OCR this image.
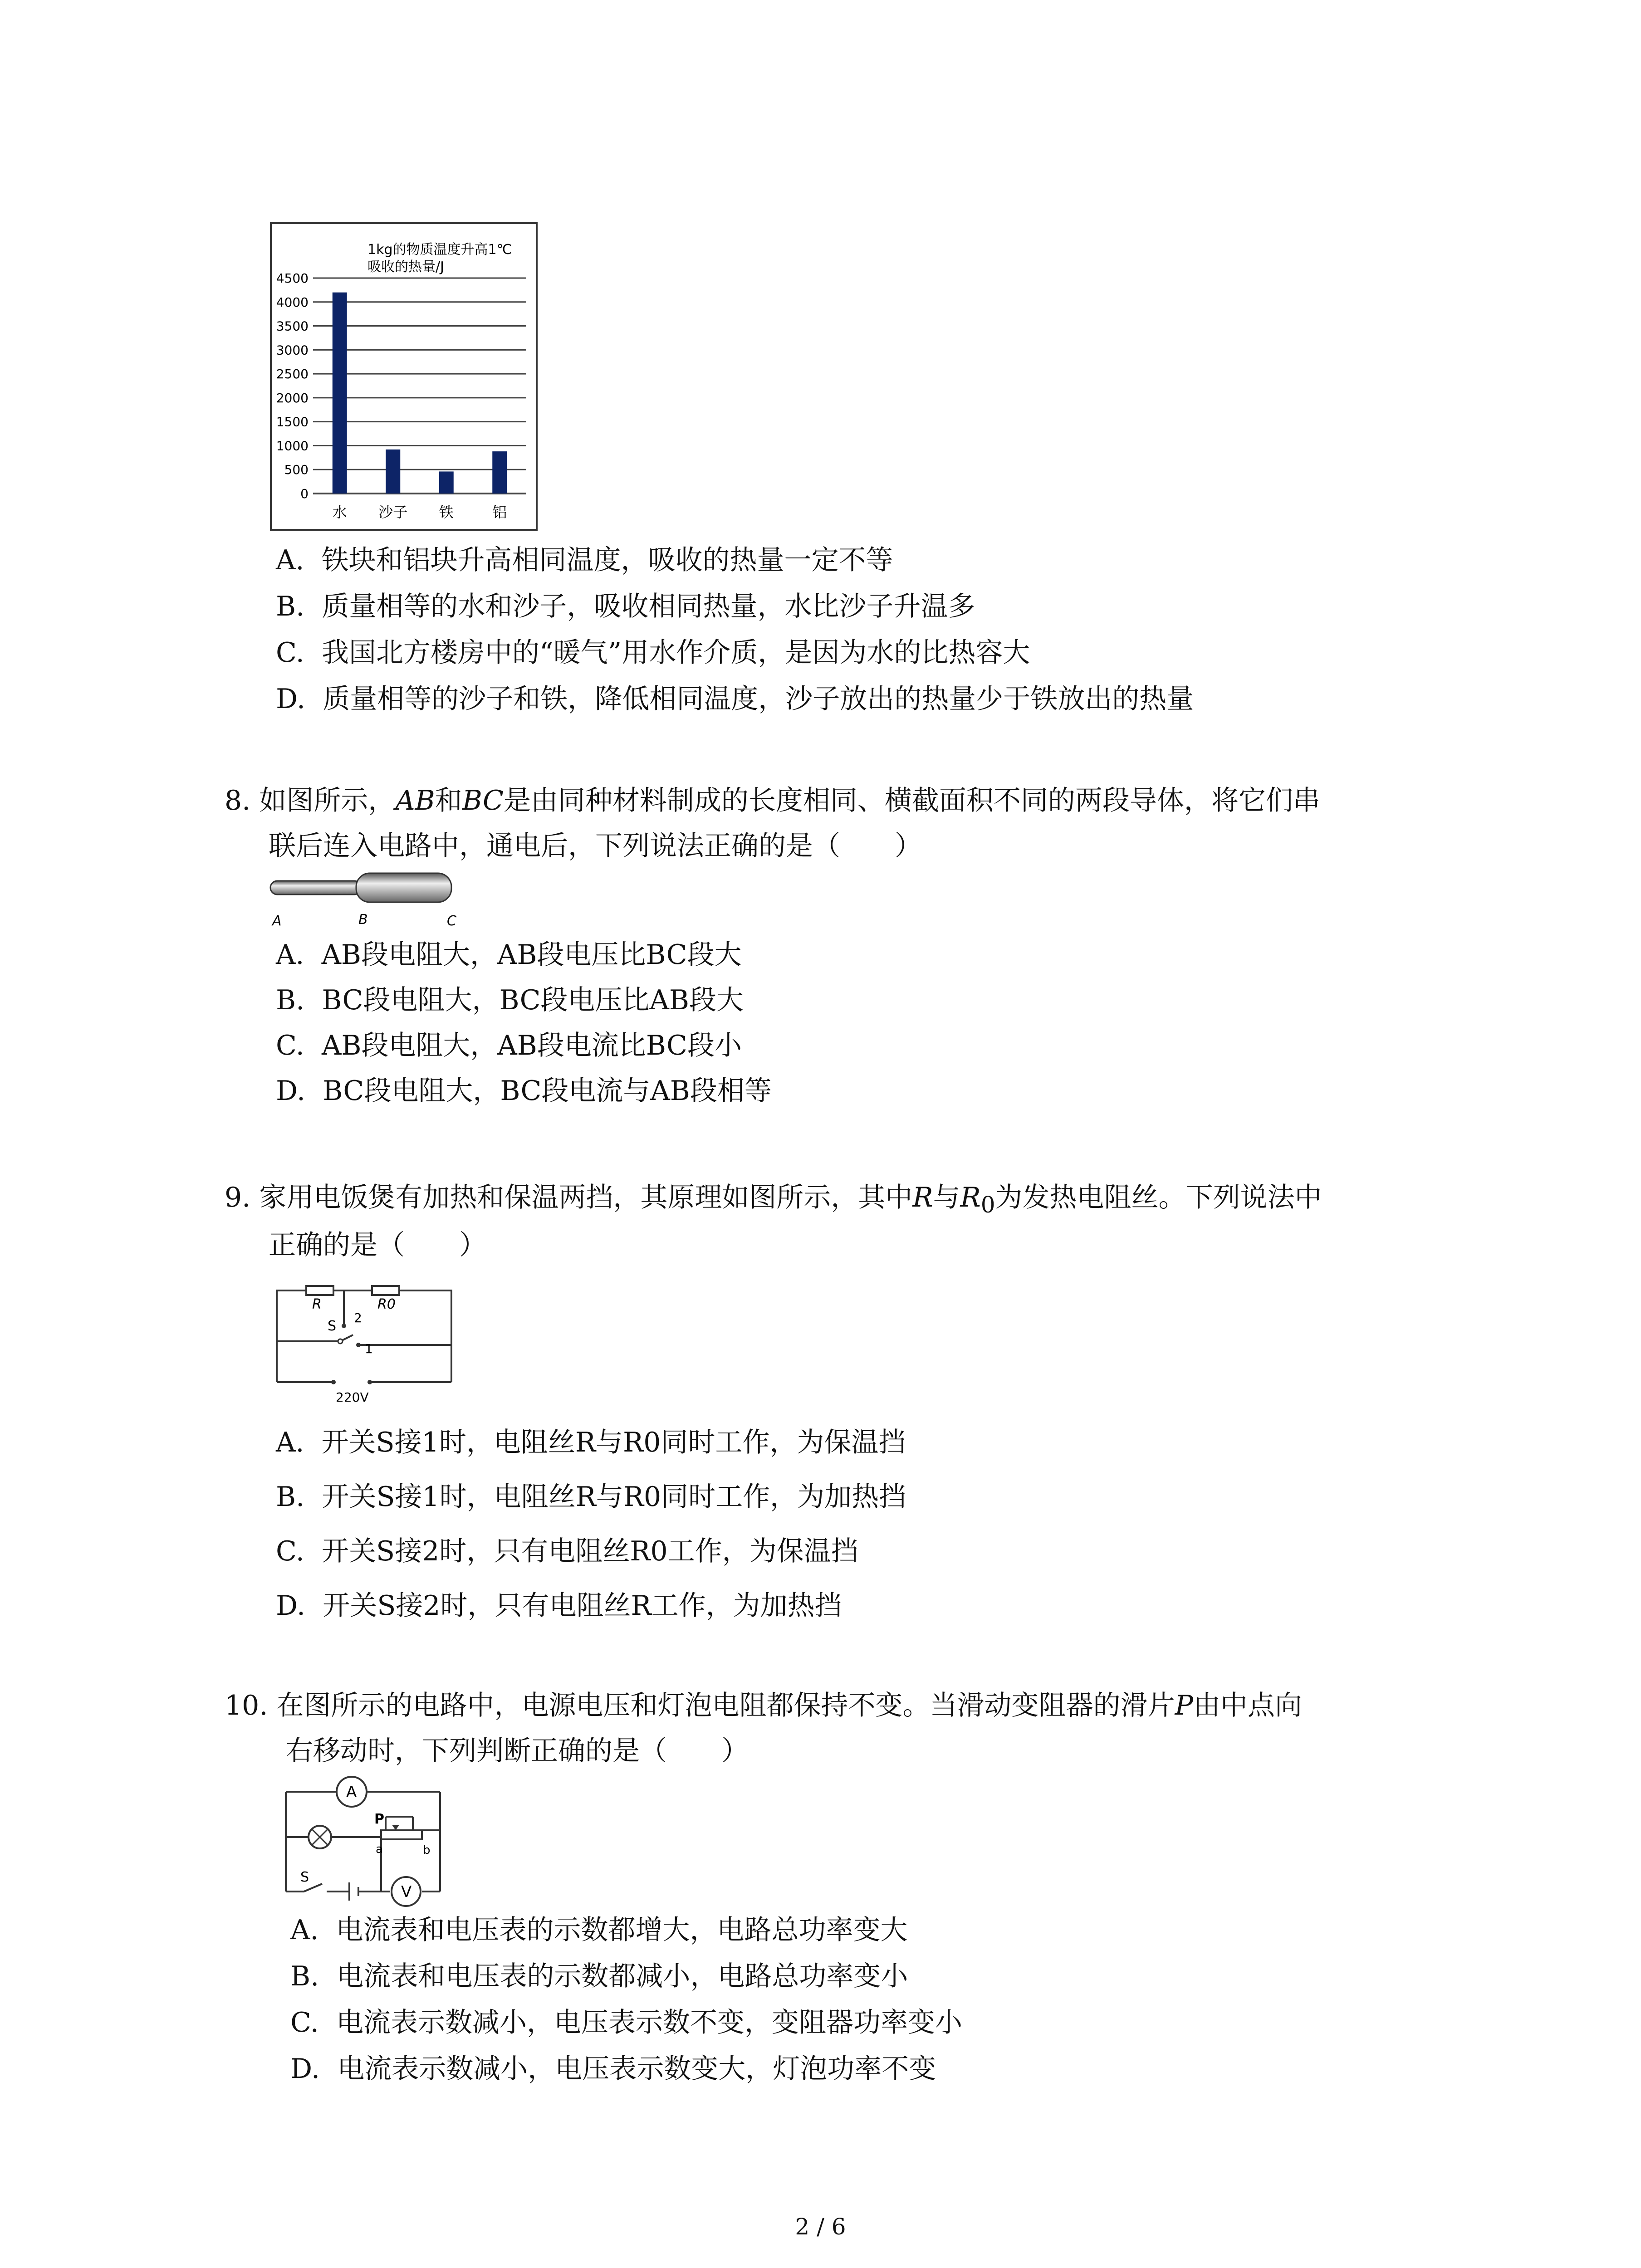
1kg的物质温度升高1℃
吸收的热量/J
4500
4000
3500
3000
2500
2000
1500
1000
500
0
水 沙子 铁	铝
A. 铁块和铝块升高相同温度，吸收的热量一定不等
B. 质量相等的水和沙子，吸收相同热量，水比沙子升温多
C. 我国北方楼房中的“暖气”用水作介质，是因为水的比热容大
D. 质量相等的沙子和铁，降低相同温度，沙子放出的热量少于铁放出的热量
8. 如图所示，AB和BC是由同种材料制成的长度相同、横截面积不同的两段导体，将它们串
联后连入电路中，通电后，下列说法正确的是（　　）
A	B	C
A. AB段电阻大，AB段电压比BC段大
B. BC段电阻大，BC段电压比AB段大
C. AB段电阻大，AB段电流比BC段小
D. BC段电阻大，BC段电流与AB段相等
9. 家用电饭煲有加热和保温两挡，其原理如图所示，其中R与$R_0$为发热电阻丝。下列说法中
正确的是（　　）
R	R0
S
2
1
220V
A. 开关S接1时，电阻丝R与R0同时工作，为保温挡
B. 开关S接1时，电阻丝R与R0同时工作，为加热挡
C. 开关S接2时，只有电阻丝R0工作，为保温挡
D. 开关S接2时，只有电阻丝R工作，为加热挡
10. 在图所示的电路中，电源电压和灯泡电阻都保持不变。当滑动变阻器的滑片P由中点向
右移动时，下列判断正确的是（　　）
A
V
P
a	b
S
A. 电流表和电压表的示数都增大，电路总功率变大
B. 电流表和电压表的示数都减小，电路总功率变小
C. 电流表示数减小，电压表示数不变，变阻器功率变小
D. 电流表示数减小，电压表示数变大，灯泡功率不变
2 / 6
